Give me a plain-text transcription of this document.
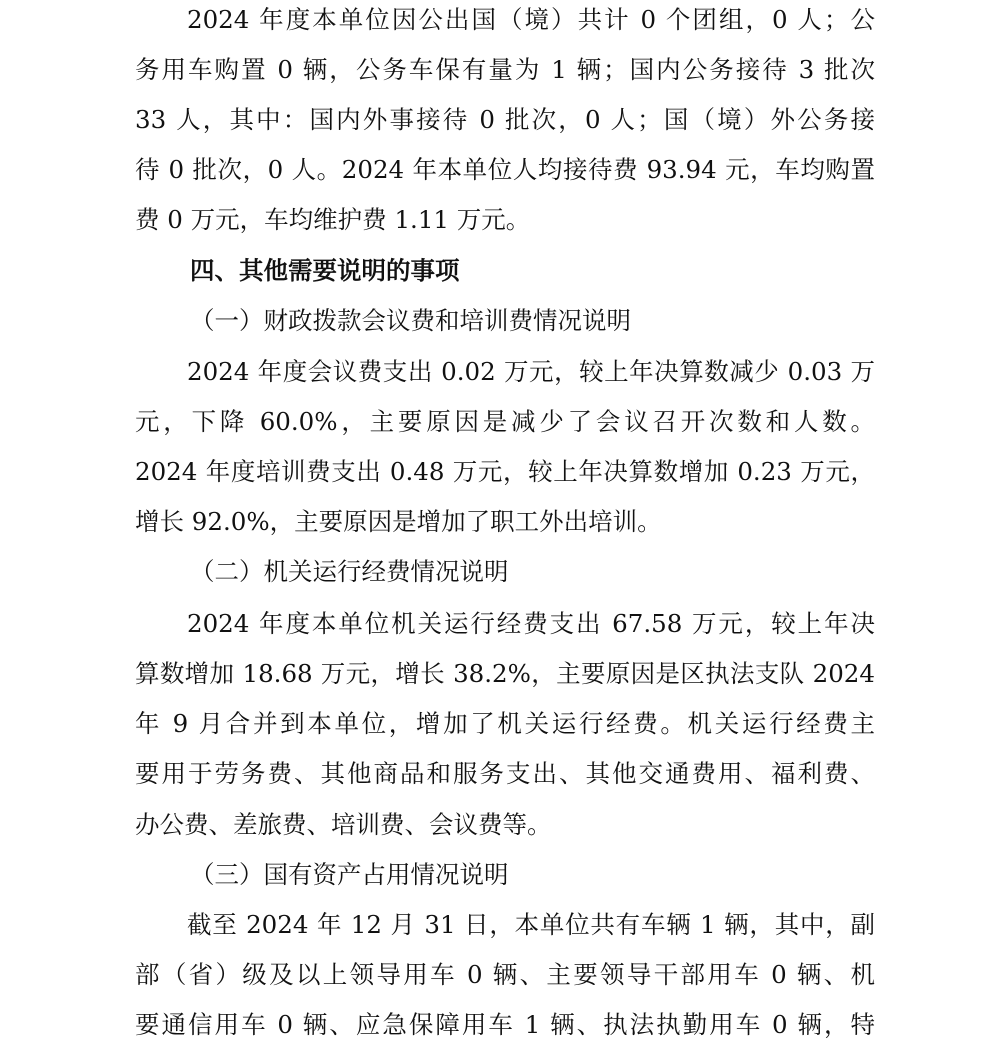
2024 年度本单位因公出国（境）共计 0 个团组，0 人；公
务用车购置 0 辆，公务车保有量为 1 辆；国内公务接待 3 批次
33 人，其中：国内外事接待 0 批次，0 人；国（境）外公务接
待 0 批次，0 人。2024 年本单位人均接待费 93.94 元，车均购置
费 0 万元，车均维护费 1.11 万元。
四、其他需要说明的事项
（一）财政拨款会议费和培训费情况说明
2024 年度会议费支出 0.02 万元，较上年决算数减少 0.03 万
元，下降 60.0%，主要原因是减少了会议召开次数和人数。
2024 年度培训费支出 0.48 万元，较上年决算数增加 0.23 万元，
增长 92.0%，主要原因是增加了职工外出培训。
（二）机关运行经费情况说明
2024 年度本单位机关运行经费支出 67.58 万元，较上年决
算数增加 18.68 万元，增长 38.2%，主要原因是区执法支队 2024
年 9 月合并到本单位，增加了机关运行经费。机关运行经费主
要用于劳务费、其他商品和服务支出、其他交通费用、福利费、
办公费、差旅费、培训费、会议费等。
（三）国有资产占用情况说明
截至 2024 年 12 月 31 日，本单位共有车辆 1 辆，其中，副
部（省）级及以上领导用车 0 辆、主要领导干部用车 0 辆、机
要通信用车 0 辆、应急保障用车 1 辆、执法执勤用车 0 辆，特
